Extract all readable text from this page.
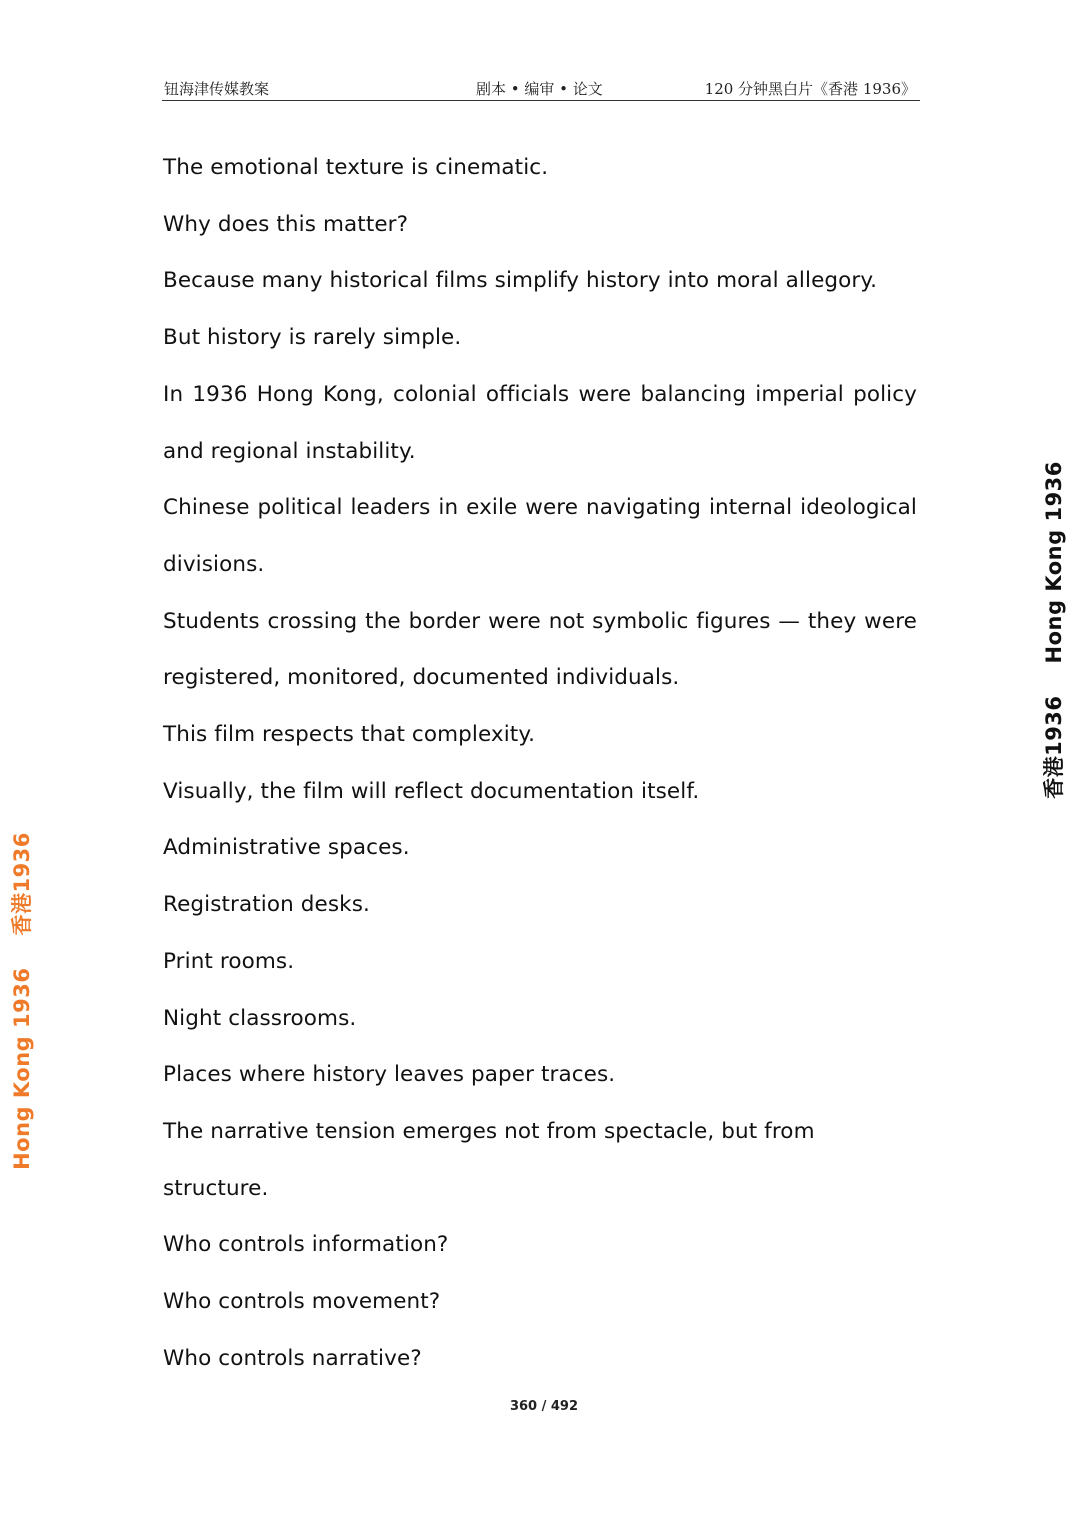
钮海津传媒教案	剧本 • 编审 • 论文	120 分钟黑白片《香港 1936》

The emotional texture is cinematic.

Why does this matter?

Because many historical films simplify history into moral allegory.

But history is rarely simple.

In 1936 Hong Kong, colonial officials were balancing imperial policy and regional instability.

Chinese political leaders in exile were navigating internal ideological divisions.

Students crossing the border were not symbolic figures — they were registered, monitored, documented individuals.

This film respects that complexity.

Visually, the film will reflect documentation itself.

Administrative spaces.

Registration desks.

Print rooms.

Night classrooms.

Places where history leaves paper traces.

The narrative tension emerges not from spectacle, but from structure.

Who controls information?

Who controls movement?

Who controls narrative?

香港1936Hong Kong 1936
Hong Kong 1936香港1936
360 / 492
